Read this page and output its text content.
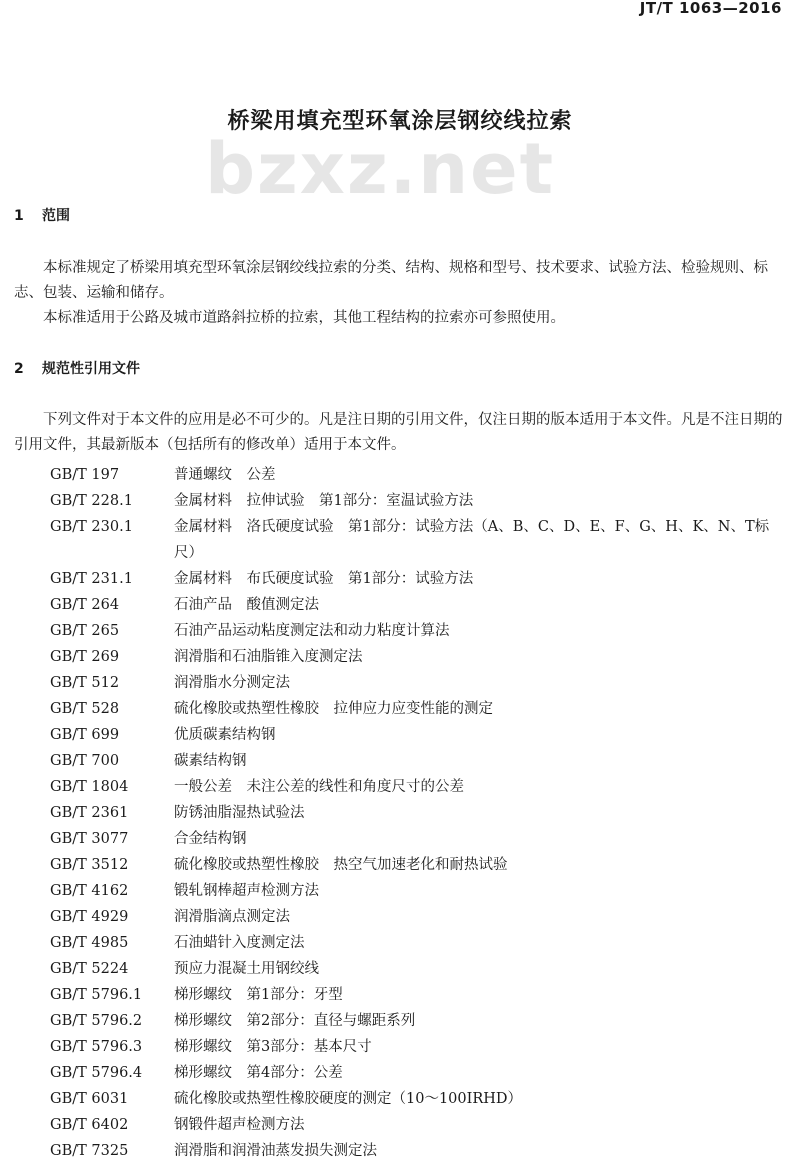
JT/T 1063—2016
bzxz.net
桥梁用填充型环氧涂层钢绞线拉索
1 范围
本标准规定了桥梁用填充型环氧涂层钢绞线拉索的分类、结构、规格和型号、技术要求、试验方法、检验规则、标志、包装、运输和储存。
本标准适用于公路及城市道路斜拉桥的拉索，其他工程结构的拉索亦可参照使用。
2 规范性引用文件
下列文件对于本文件的应用是必不可少的。凡是注日期的引用文件，仅注日期的版本适用于本文件。凡是不注日期的引用文件，其最新版本（包括所有的修改单）适用于本文件。
GB/T 197	普通螺纹　公差
GB/T 228.1	金属材料　拉伸试验　第1部分：室温试验方法
GB/T 230.1	金属材料　洛氏硬度试验　第1部分：试验方法（A、B、C、D、E、F、G、H、K、N、T标尺）
GB/T 231.1	金属材料　布氏硬度试验　第1部分：试验方法
GB/T 264	石油产品　酸值测定法
GB/T 265	石油产品运动粘度测定法和动力粘度计算法
GB/T 269	润滑脂和石油脂锥入度测定法
GB/T 512	润滑脂水分测定法
GB/T 528	硫化橡胶或热塑性橡胶　拉伸应力应变性能的测定
GB/T 699	优质碳素结构钢
GB/T 700	碳素结构钢
GB/T 1804	一般公差　未注公差的线性和角度尺寸的公差
GB/T 2361	防锈油脂湿热试验法
GB/T 3077	合金结构钢
GB/T 3512	硫化橡胶或热塑性橡胶　热空气加速老化和耐热试验
GB/T 4162	锻轧钢棒超声检测方法
GB/T 4929	润滑脂滴点测定法
GB/T 4985	石油蜡针入度测定法
GB/T 5224	预应力混凝土用钢绞线
GB/T 5796.1	梯形螺纹　第1部分：牙型
GB/T 5796.2	梯形螺纹　第2部分：直径与螺距系列
GB/T 5796.3	梯形螺纹　第3部分：基本尺寸
GB/T 5796.4	梯形螺纹　第4部分：公差
GB/T 6031	硫化橡胶或热塑性橡胶硬度的测定（10～100IRHD）
GB/T 6402	钢锻件超声检测方法
GB/T 7325	润滑脂和润滑油蒸发损失测定法
